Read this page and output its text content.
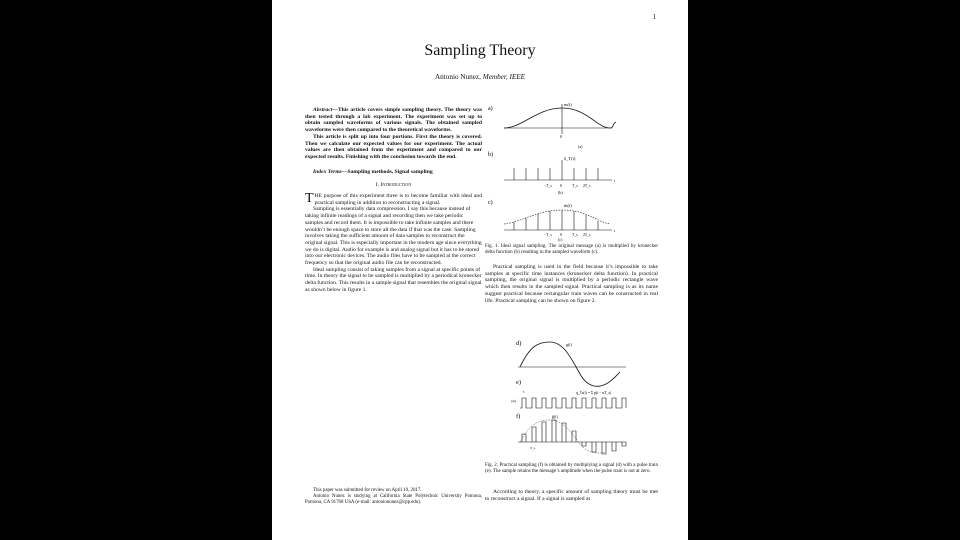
1
Sampling Theory
Antonio Nunez, Member, IEEE

Abstract—This article covers simple sampling theory. The theory was then tested through a lab experiment. The experiment was set up to obtain sampled waveforms of various signals. The obtained sampled waveforms were then compared to the theoretical waveforms.

This article is split up into four portions. First the theory is covered. Then we calculate our expected values for our experiment. The actual values are then obtained from the experiment and compared to our expected results. Finishing with the conclusion towards the end.

Index Terms—Sampling methods, Signal sampling

I. Introduction

THE purpose of this experiment three is to become familiar with ideal and practical sampling in addition to reconstructing a signal.

Sampling is essentially data compression. I say this because instead of taking infinite readings of a signal and recording then we take periodic samples and record them. It is impossible to take infinite samples and there wouldn’t be enough space to store all the data if that was the case. Sampling involves taking the sufficient amount of data samples to reconstruct the original signal. This is especially important in the modern age since everything we do is digital. Audio for example is and analog signal but it has to be stored into our electronic devices. The audio files have to be sampled at the correct frequency so that the original audio file can be reconstructed.

Ideal sampling consist of taking samples from a signal at specific points of time. In theory the signal to be sampled is multiplied by a periodical kronecker delta function. This results in a sample signal that resembles the original signal as shown below in figure 1.

This paper was submitted for review on April 10, 2017.

Antonio Nunez is studying at California State Polytechnic University Pomona, Pomona, CA 91768 USA (e-mail: antonionunez@cpp.edu).

a)
m(t)
0
(a)
b)
δ_T(t)
−T_s 0	T_s 2T_s
t
(b)
c)	m̄(t)
−T_s 0	T_s 2T_s
t
(c)
Fig. 1. Ideal signal sampling. The original message (a) is multiplied by kronecker delta function (b) resulting in the sampled waveform (c).

Practical sampling is used in the field because it’s impossible to take samples at specific time instances (kronecker delta function). In practical sampling, the original signal is multiplied by a periodic rectangle wave which then results in the sampled signal. Practical sampling is as its name suggest practical because rectangular train waves can be constructed in real life. Practical sampling can be shown on figure 2.

d)	g(t)
e)
τ
p(t)
q_Ts(t) = Σ p(t − nT_s)
f)	ğ(t)
T_s
Fig. 2. Practical sampling (f) is obtained by multiplying a signal (d) with a pulse train (e). The sample retains the message’s amplitude when the pulse train is not at zero.

According to theory, a specific amount of sampling theory must be met to reconstruct a signal. If a signal is sampled at
